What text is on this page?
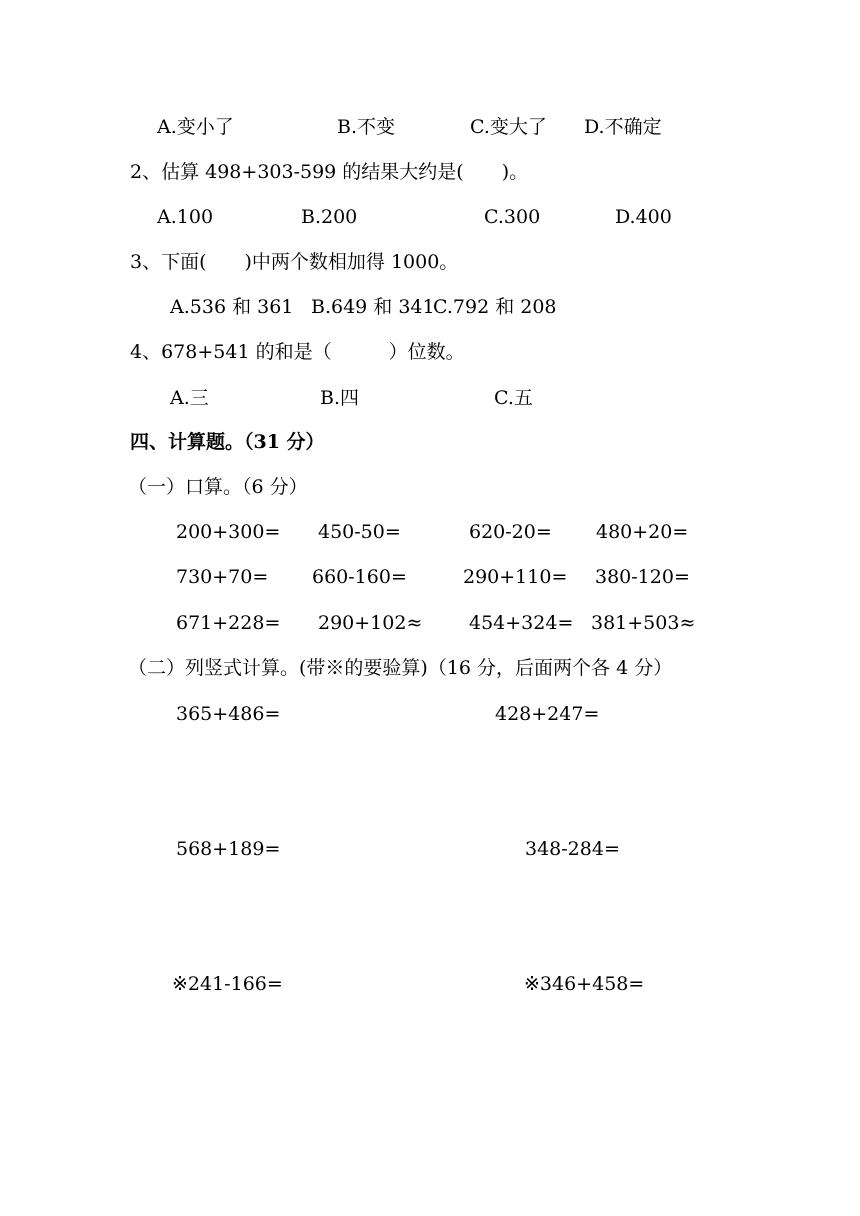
A.变小了	B.不变	C.变大了 D.不确定
2、估算 498+303-599 的结果大约是(　　)。
A.100	B.200	C.300	D.400
3、下面(　　)中两个数相加得 1000。
A.536 和 361 B.649 和 341
C.792 和 208
4、678+541 的和是（　　　）位数。
A.三	B.四	C.五
四、计算题。（31 分）
（一）口算。（6 分）
200+300= 450-50=	620-20= 480+20=
730+70= 660-160=	290+110= 380-120=
671+228= 290+102≈ 454+324= 381+503≈
（二）列竖式计算。(带※的要验算)（16 分，后面两个各 4 分）
365+486=	428+247=
568+189=	348-284=
※241-166=	※346+458=
